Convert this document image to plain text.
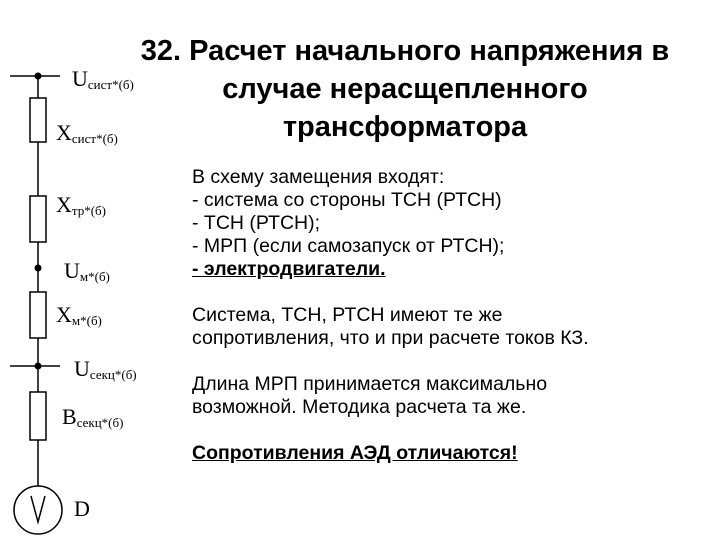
Uсист*(б)
Xсист*(б)
Xтр*(б)
Uм*(б)
Xм*(б)
Uсекц*(б)
Bсекц*(б)
D
32. Расчет начального напряжения в
случае нерасщепленного
трансформатора
В схему замещения входят:
- система со стороны ТСН (РТСН)
- ТСН (РТСН);
- МРП (если самозапуск от РТСН);
- электродвигатели.
Система, ТСН, РТСН имеют те же
сопротивления, что и при расчете токов КЗ.
Длина МРП принимается максимально
возможной. Методика расчета та же.
Сопротивления АЭД отличаются!
